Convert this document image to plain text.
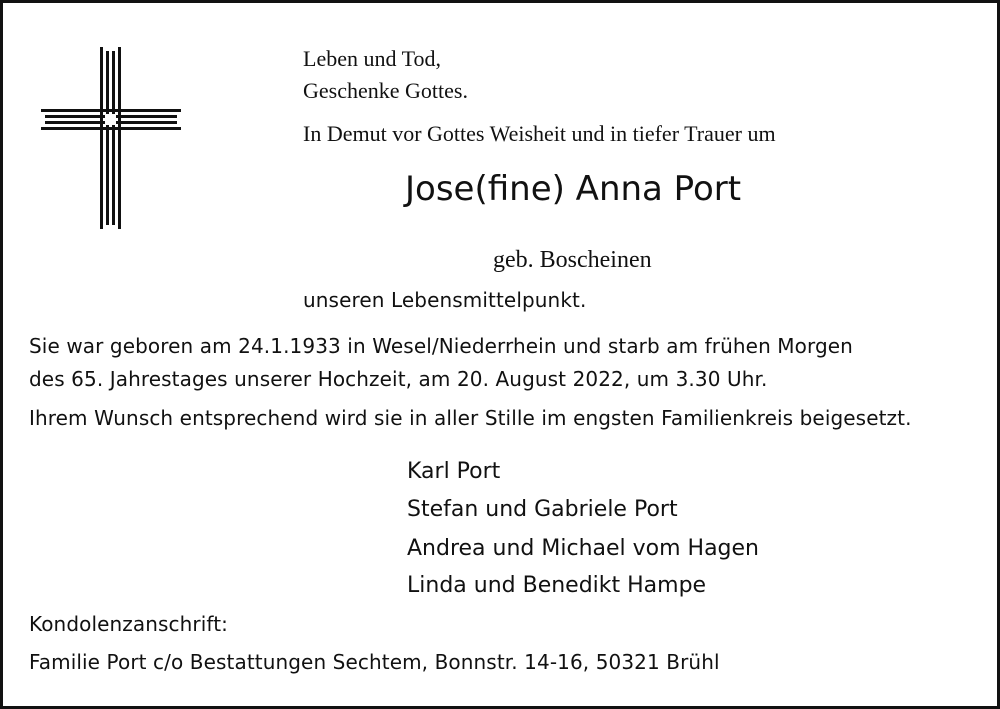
Leben und Tod,

Geschenke Gottes.

In Demut vor Gottes Weisheit und in tiefer Trauer um

Jose(fine) Anna Port

geb. Boscheinen

unseren Lebensmittelpunkt.

Sie war geboren am 24.1.1933 in Wesel/Niederrhein und starb am frühen Morgen

des 65. Jahrestages unserer Hochzeit, am 20. August 2022, um 3.30 Uhr.

Ihrem Wunsch entsprechend wird sie in aller Stille im engsten Familienkreis beigesetzt.

Karl Port

Stefan und Gabriele Port

Andrea und Michael vom Hagen

Linda und Benedikt Hampe

Kondolenzanschrift:

Familie Port c/o Bestattungen Sechtem, Bonnstr. 14-16, 50321 Brühl
